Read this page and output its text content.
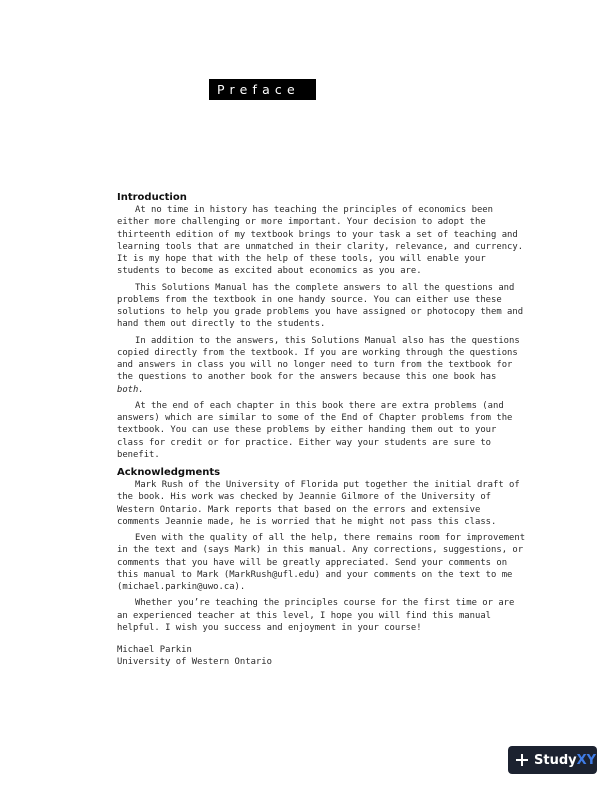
Preface
Introduction

At no time in history has teaching the principles of economics been
either more challenging or more important. Your decision to adopt the
thirteenth edition of my textbook brings to your task a set of teaching and
learning tools that are unmatched in their clarity, relevance, and currency.
It is my hope that with the help of these tools, you will enable your
students to become as excited about economics as you are.

This Solutions Manual has the complete answers to all the questions and
problems from the textbook in one handy source. You can either use these
solutions to help you grade problems you have assigned or photocopy them and
hand them out directly to the students.

In addition to the answers, this Solutions Manual also has the questions
copied directly from the textbook. If you are working through the questions
and answers in class you will no longer need to turn from the textbook for
the questions to another book for the answers because this one book has
both.

At the end of each chapter in this book there are extra problems (and
answers) which are similar to some of the End of Chapter problems from the
textbook. You can use these problems by either handing them out to your
class for credit or for practice. Either way your students are sure to
benefit.

Acknowledgments

Mark Rush of the University of Florida put together the initial draft of
the book. His work was checked by Jeannie Gilmore of the University of
Western Ontario. Mark reports that based on the errors and extensive
comments Jeannie made, he is worried that he might not pass this class.

Even with the quality of all the help, there remains room for improvement
in the text and (says Mark) in this manual. Any corrections, suggestions, or
comments that you have will be greatly appreciated. Send your comments on
this manual to Mark (MarkRush@ufl.edu) and your comments on the text to me
(michael.parkin@uwo.ca).

Whether you’re teaching the principles course for the first time or are
an experienced teacher at this level, I hope you will find this manual
helpful. I wish you success and enjoyment in your course!

Michael Parkin
University of Western Ontario

Study XY
